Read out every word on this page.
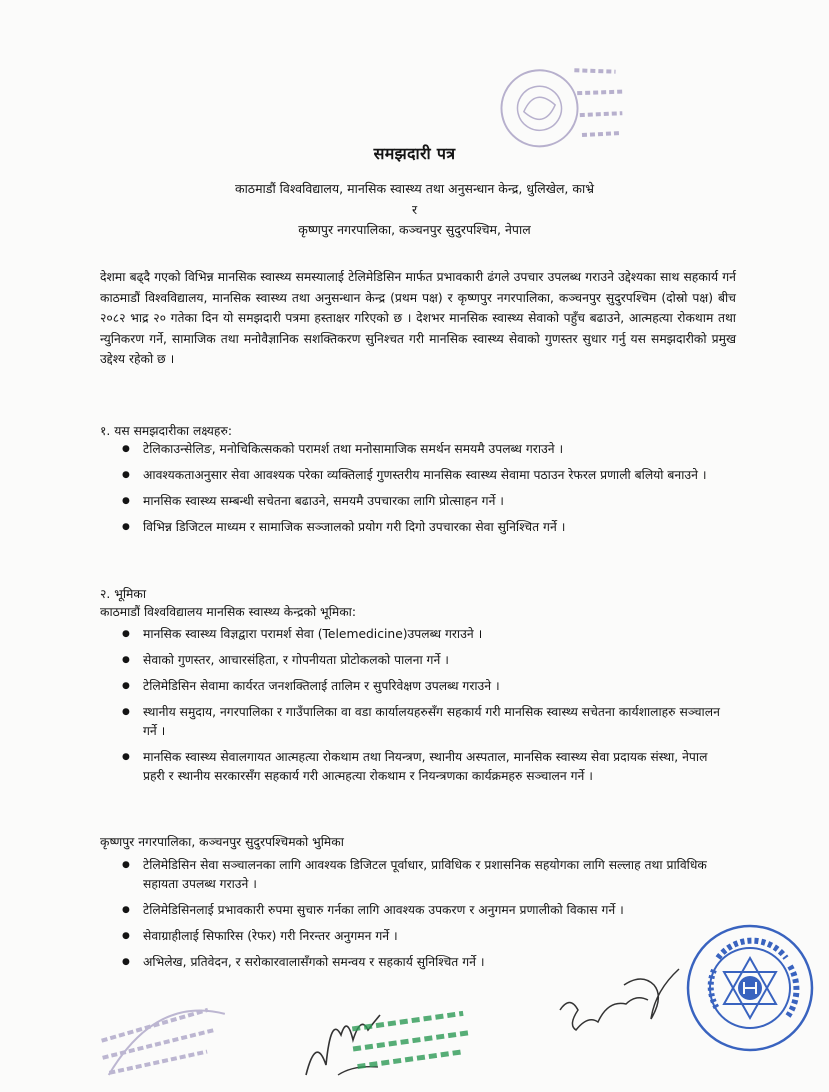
समझदारी पत्र
काठमाडौं विश्वविद्यालय, मानसिक स्वास्थ्य तथा अनुसन्धान केन्द्र, धुलिखेल, काभ्रे
र
कृष्णपुर नगरपालिका, कञ्चनपुर सुदुरपश्चिम, नेपाल
देशमा बढ्दै गएको विभिन्न मानसिक स्वास्थ्य समस्यालाई टेलिमेडिसिन मार्फत प्रभावकारी ढंगले उपचार उपलब्ध गराउने उद्देश्यका साथ सहकार्य गर्न काठमाडौं विश्वविद्यालय, मानसिक स्वास्थ्य तथा अनुसन्धान केन्द्र (प्रथम पक्ष) र कृष्णपुर नगरपालिका, कञ्चनपुर सुदुरपश्चिम (दोस्रो पक्ष) बीच २०८२ भाद्र २० गतेका दिन यो समझदारी पत्रमा हस्ताक्षर गरिएको छ । देशभर मानसिक स्वास्थ्य सेवाको पहुँच बढाउने, आत्महत्या रोकथाम तथा न्युनिकरण गर्ने, सामाजिक तथा मनोवैज्ञानिक सशक्तिकरण सुनिश्चत गरी मानसिक स्वास्थ्य सेवाको गुणस्तर सुधार गर्नु यस समझदारीको प्रमुख उद्देश्य रहेको छ ।
१. यस समझदारीका लक्ष्यहरु:
● टेलिकाउन्सेलिङ, मनोचिकित्सकको परामर्श तथा मनोसामाजिक समर्थन समयमै उपलब्ध गराउने ।
● आवश्यकताअनुसार सेवा आवश्यक परेका व्यक्तिलाई गुणस्तरीय मानसिक स्वास्थ्य सेवामा पठाउन रेफरल प्रणाली बलियो बनाउने ।
● मानसिक स्वास्थ्य सम्बन्धी सचेतना बढाउने, समयमै उपचारका लागि प्रोत्साहन गर्ने ।
● विभिन्न डिजिटल माध्यम र सामाजिक सञ्जालको प्रयोग गरी दिगो उपचारका सेवा सुनिश्चित गर्ने ।
२. भूमिका
काठमाडौं विश्वविद्यालय मानसिक स्वास्थ्य केन्द्रको भूमिका:
● मानसिक स्वास्थ्य विज्ञद्वारा परामर्श सेवा (Telemedicine)उपलब्ध गराउने ।
● सेवाको गुणस्तर, आचारसंहिता, र गोपनीयता प्रोटोकलको पालना गर्ने ।
● टेलिमेडिसिन सेवामा कार्यरत जनशक्तिलाई तालिम र सुपरिवेक्षण उपलब्ध गराउने ।
● स्थानीय समुदाय, नगरपालिका र गाउँपालिका वा वडा कार्यालयहरुसँग सहकार्य गरी मानसिक स्वास्थ्य सचेतना कार्यशालाहरु सञ्चालन गर्ने ।
● मानसिक स्वास्थ्य सेवालगायत आत्महत्या रोकथाम तथा नियन्त्रण, स्थानीय अस्पताल, मानसिक स्वास्थ्य सेवा प्रदायक संस्था, नेपाल प्रहरी र स्थानीय सरकारसँग सहकार्य गरी आत्महत्या रोकथाम र नियन्त्रणका कार्यक्रमहरु सञ्चालन गर्ने ।
कृष्णपुर नगरपालिका, कञ्चनपुर सुदुरपश्चिमको भुमिका
● टेलिमेडिसिन सेवा सञ्चालनका लागि आवश्यक डिजिटल पूर्वाधार, प्राविधिक र प्रशासनिक सहयोगका लागि सल्लाह तथा प्राविधिक सहायता उपलब्ध गराउने ।
● टेलिमेडिसिनलाई प्रभावकारी रुपमा सुचारु गर्नका लागि आवश्यक उपकरण र अनुगमन प्रणालीको विकास गर्ने ।
● सेवाग्राहीलाई सिफारिस (रेफर) गरी निरन्तर अनुगमन गर्ने ।
● अभिलेख, प्रतिवेदन, र सरोकारवालासँगको समन्वय र सहकार्य सुनिश्चित गर्ने ।
